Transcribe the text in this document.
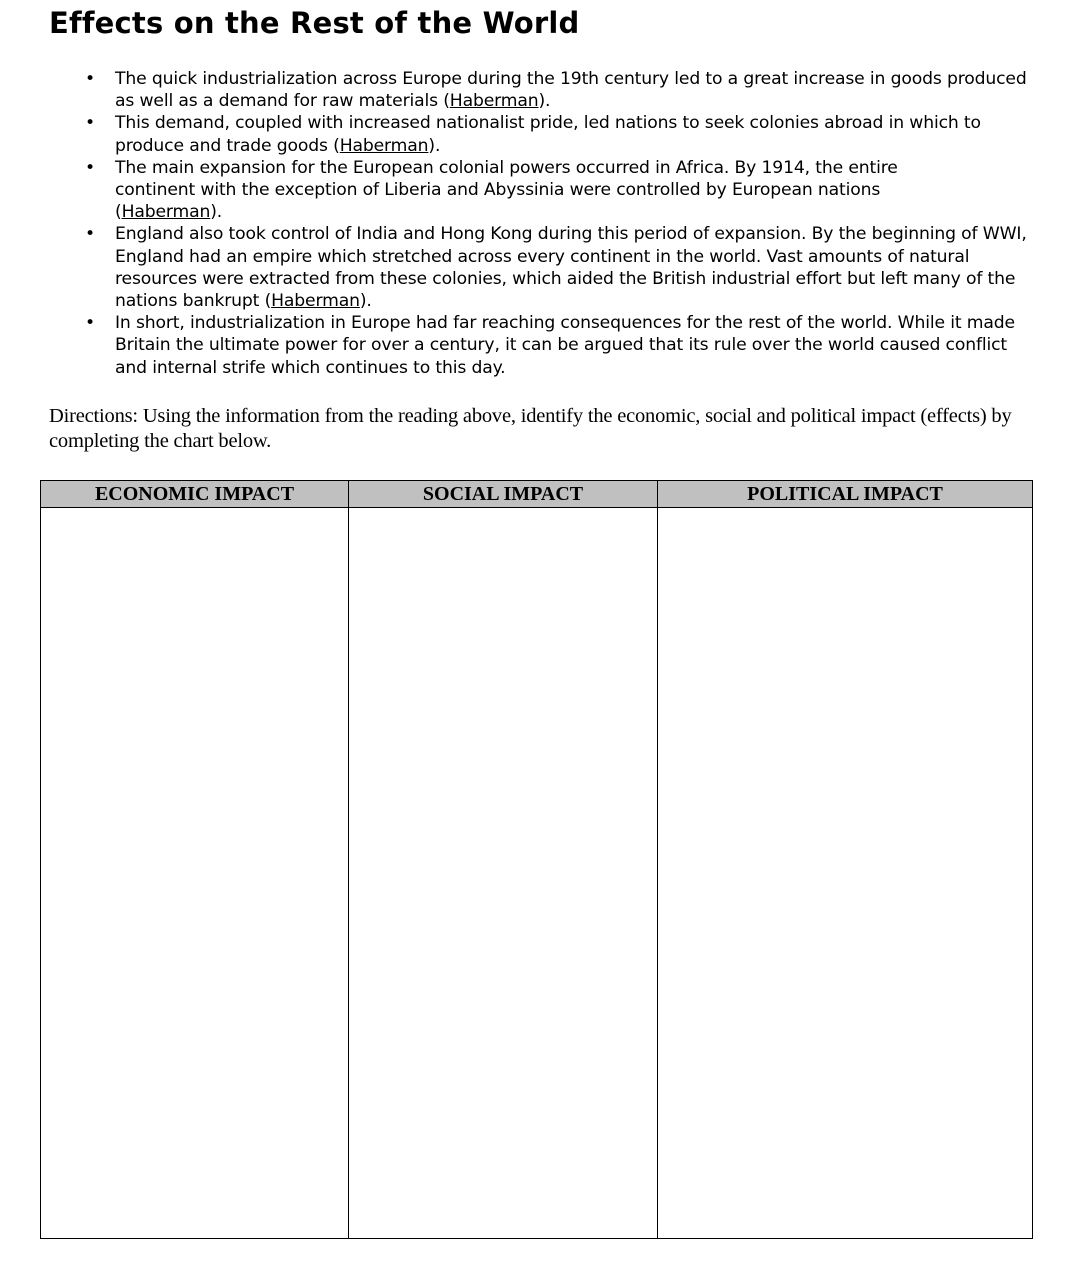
Effects on the Rest of the World
• The quick industrialization across Europe during the 19th century led to a great increase in goods produced as well as a demand for raw materials (Haberman).
• This demand, coupled with increased nationalist pride, led nations to seek colonies abroad in which to produce and trade goods (Haberman).
• The main expansion for the European colonial powers occurred in Africa. By 1914, the entire continent with the exception of Liberia and Abyssinia were controlled by European nations (Haberman).
• England also took control of India and Hong Kong during this period of expansion. By the beginning of WWI, England had an empire which stretched across every continent in the world. Vast amounts of natural resources were extracted from these colonies, which aided the British industrial effort but left many of the nations bankrupt (Haberman).
• In short, industrialization in Europe had far reaching consequences for the rest of the world. While it made Britain the ultimate power for over a century, it can be argued that its rule over the world caused conflict and internal strife which continues to this day.
Directions: Using the information from the reading above, identify the economic, social and political impact (effects) by completing the chart below.
ECONOMIC IMPACT	SOCIAL IMPACT	POLITICAL IMPACT
